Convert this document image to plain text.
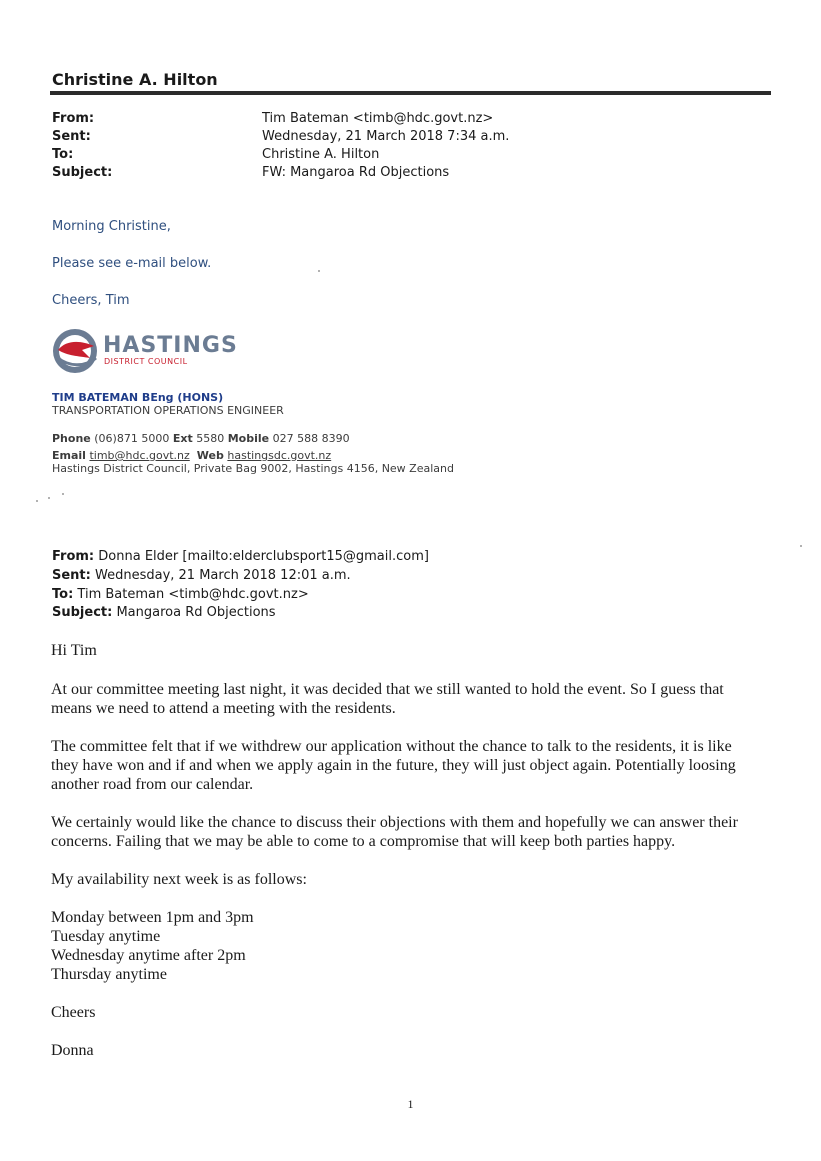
Christine A. Hilton
From:	Tim Bateman <timb@hdc.govt.nz>
Sent:	Wednesday, 21 March 2018 7:34 a.m.
To:	Christine A. Hilton
Subject:	FW: Mangaroa Rd Objections
Morning Christine,
Please see e-mail below.
Cheers, Tim
HASTINGS
DISTRICT COUNCIL
TIM BATEMAN BEng (HONS)
TRANSPORTATION OPERATIONS ENGINEER
Phone (06)871 5000 Ext 5580 Mobile 027 588 8390
Email timb@hdc.govt.nz Web hastingsdc.govt.nz
Hastings District Council, Private Bag 9002, Hastings 4156, New Zealand
From: Donna Elder [mailto:elderclubsport15@gmail.com]
Sent: Wednesday, 21 March 2018 12:01 a.m.
To: Tim Bateman <timb@hdc.govt.nz>
Subject: Mangaroa Rd Objections
Hi Tim
At our committee meeting last night, it was decided that we still wanted to hold the event. So I guess that
means we need to attend a meeting with the residents.
The committee felt that if we withdrew our application without the chance to talk to the residents, it is like
they have won and if and when we apply again in the future, they will just object again. Potentially loosing
another road from our calendar.
We certainly would like the chance to discuss their objections with them and hopefully we can answer their
concerns. Failing that we may be able to come to a compromise that will keep both parties happy.
My availability next week is as follows:
Monday between 1pm and 3pm
Tuesday anytime
Wednesday anytime after 2pm
Thursday anytime
Cheers
Donna
1
